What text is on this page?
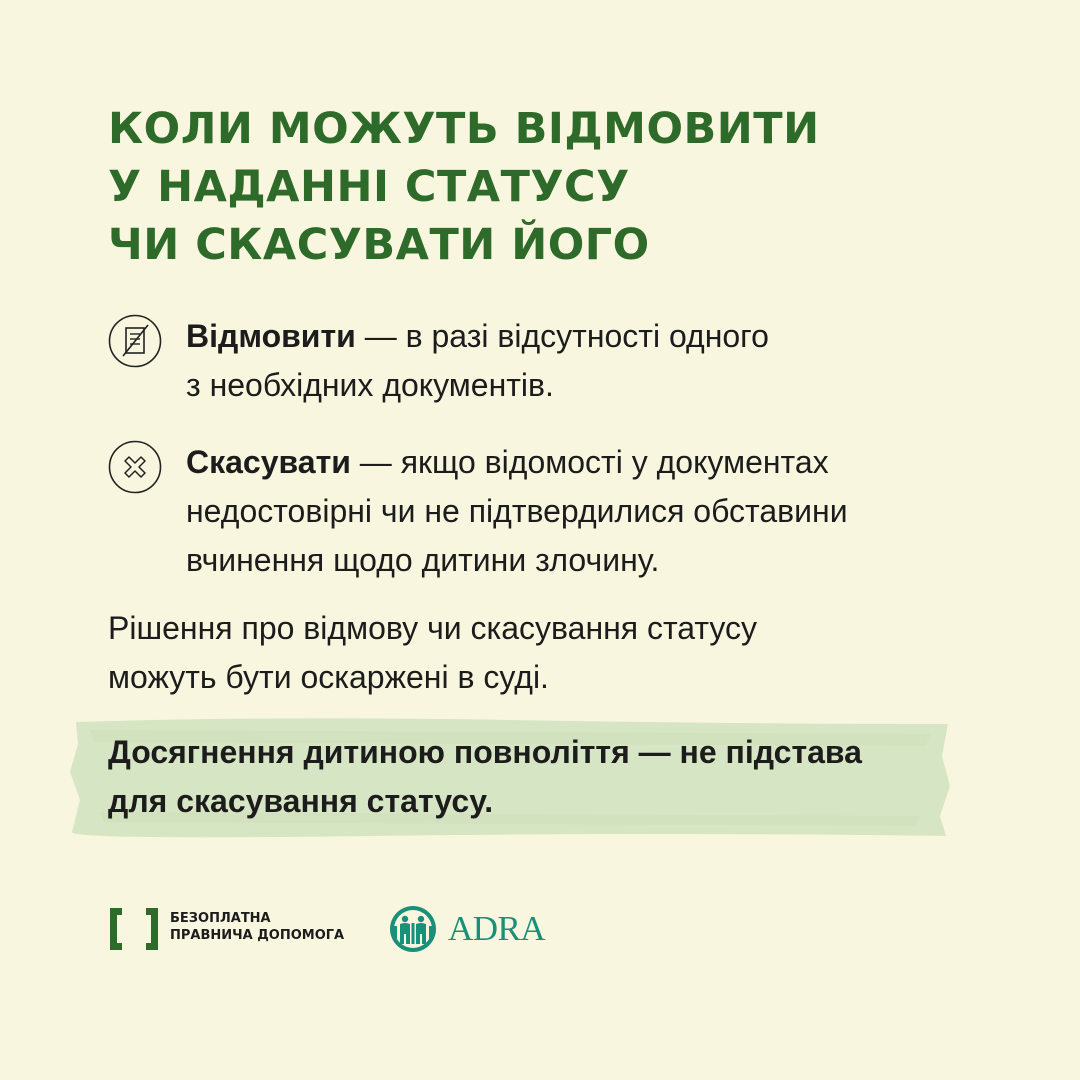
КОЛИ МОЖУТЬ ВІДМОВИТИ
У НАДАННІ СТАТУСУ
ЧИ СКАСУВАТИ ЙОГО
Відмовити — в разі відсутності одного
з необхідних документів.
Скасувати — якщо відомості у документах
недостовірні чи не підтвердилися обставини
вчинення щодо дитини злочину.
Рішення про відмову чи скасування статусу
можуть бути оскаржені в суді.
Досягнення дитиною повноліття — не підстава
для скасування статусу.
БЕЗОПЛАТНА
ПРАВНИЧА ДОПОМОГА	ADRA
